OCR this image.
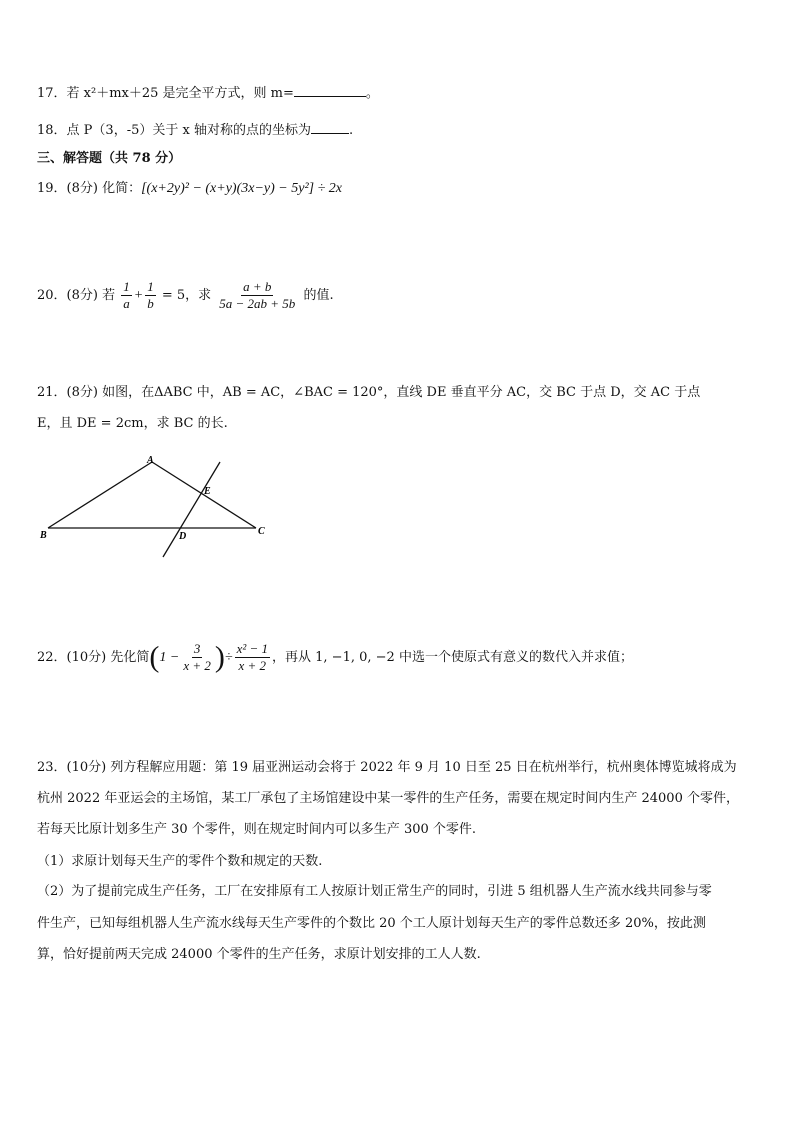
17．若 x²＋mx＋25 是完全平方式，则 m=	。
18．点 P（3，-5）关于 x 轴对称的点的坐标为	.
三、解答题（共 78 分）
19．(8分) 化简：[(x+2y)² − (x+y)(3x−y) − 5y²] ÷ 2x
20．(8分) 若 $\frac{1}{a} + \frac{1}{b} = 5$，求 $\frac{a + b}{5a - 2ab + 5b}$ 的值.
21．(8分) 如图，在ΔABC 中，AB = AC，∠BAC = 120°，直线 DE 垂直平分 AC，交 BC 于点 D，交 AC 于点
E，且 DE = 2cm，求 BC 的长.
A
B	C
D
E
22．(10分) 先化简($1 - \frac{3}{x + 2}$ )÷ $\frac{\text{x² − 1}}{x + 2}$ ，再从 1, −1, 0, −2 中选一个使原式有意义的数代入并求值；
23．(10分) 列方程解应用题：第 19 届亚洲运动会将于 2022 年 9 月 10 日至 25 日在杭州举行，杭州奥体博览城将成为
杭州 2022 年亚运会的主场馆，某工厂承包了主场馆建设中某一零件的生产任务，需要在规定时间内生产 24000 个零件，
若每天比原计划多生产 30 个零件，则在规定时间内可以多生产 300 个零件.
（1）求原计划每天生产的零件个数和规定的天数.
（2）为了提前完成生产任务，工厂在安排原有工人按原计划正常生产的同时，引进 5 组机器人生产流水线共同参与零
件生产，已知每组机器人生产流水线每天生产零件的个数比 20 个工人原计划每天生产的零件总数还多 20%，按此测
算，恰好提前两天完成 24000 个零件的生产任务，求原计划安排的工人人数.
